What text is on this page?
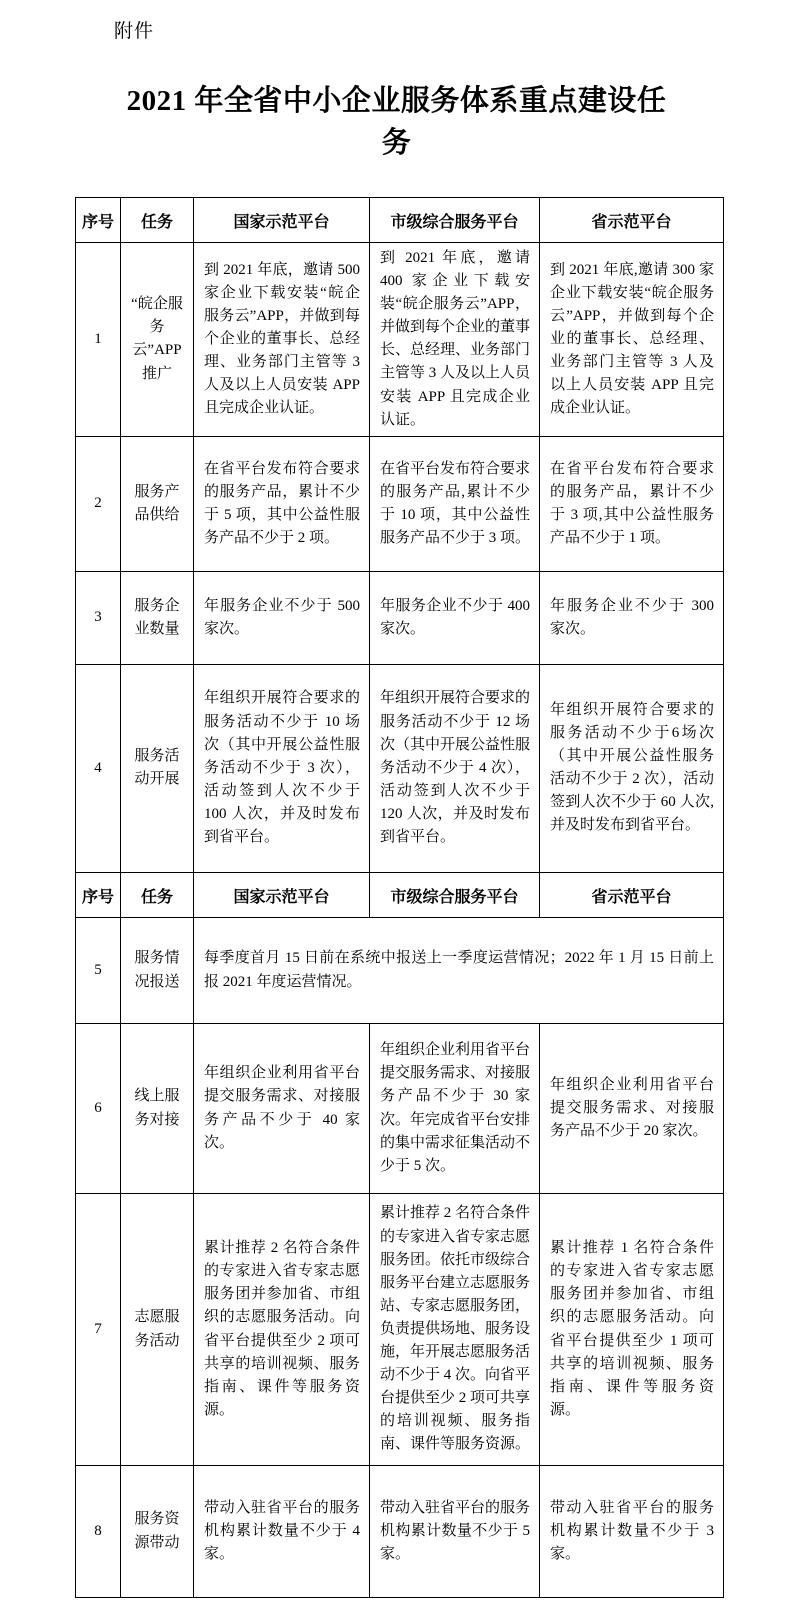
附件
2021 年全省中小企业服务体系重点建设任务
序号	任务	国家示范平台	市级综合服务平台	省示范平台
1	“皖企服务云”APP推广	到 2021 年底，邀请 500 家企业下载安装“皖企服务云”APP，并做到每个企业的董事长、总经理、业务部门主管等 3 人及以上人员安装 APP 且完成企业认证。	到 2021 年底，邀请 400 家企业下载安装“皖企服务云”APP，并做到每个企业的董事长、总经理、业务部门主管等 3 人及以上人员安装 APP 且完成企业认证。	到 2021 年底,邀请 300 家企业下载安装“皖企服务云”APP，并做到每个企业的董事长、总经理、业务部门主管等 3 人及以上人员安装 APP 且完成企业认证。
2	服务产品供给	在省平台发布符合要求的服务产品，累计不少于 5 项，其中公益性服务产品不少于 2 项。	在省平台发布符合要求的服务产品,累计不少于 10 项，其中公益性服务产品不少于 3 项。	在省平台发布符合要求的服务产品，累计不少于 3 项,其中公益性服务产品不少于 1 项。
3	服务企业数量	年服务企业不少于 500 家次。	年服务企业不少于 400 家次。	年服务企业不少于 300 家次。
4	服务活动开展	年组织开展符合要求的服务活动不少于 10 场次（其中开展公益性服务活动不少于 3 次），活动签到人次不少于 100 人次，并及时发布到省平台。	年组织开展符合要求的服务活动不少于 12 场次（其中开展公益性服务活动不少于 4 次），活动签到人次不少于 120 人次，并及时发布到省平台。	年组织开展符合要求的服务活动不少于6场次（其中开展公益性服务活动不少于 2 次），活动签到人次不少于 60 人次,并及时发布到省平台。
序号	任务	国家示范平台	市级综合服务平台	省示范平台
5	服务情况报送	每季度首月 15 日前在系统中报送上一季度运营情况；2022 年 1 月 15 日前上报 2021 年度运营情况。		
6	线上服务对接	年组织企业利用省平台提交服务需求、对接服务产品不少于 40 家次。	年组织企业利用省平台提交服务需求、对接服务产品不少于 30 家次。年完成省平台安排的集中需求征集活动不少于 5 次。	年组织企业利用省平台提交服务需求、对接服务产品不少于 20 家次。
7	志愿服务活动	累计推荐 2 名符合条件的专家进入省专家志愿服务团并参加省、市组织的志愿服务活动。向省平台提供至少 2 项可共享的培训视频、服务指南、课件等服务资源。	累计推荐 2 名符合条件的专家进入省专家志愿服务团。依托市级综合服务平台建立志愿服务站、专家志愿服务团，负责提供场地、服务设施，年开展志愿服务活动不少于 4 次。向省平台提供至少 2 项可共享的培训视频、服务指南、课件等服务资源。	累计推荐 1 名符合条件的专家进入省专家志愿服务团并参加省、市组织的志愿服务活动。向省平台提供至少 1 项可共享的培训视频、服务指南、课件等服务资源。
8	服务资源带动	带动入驻省平台的服务机构累计数量不少于 4 家。	带动入驻省平台的服务机构累计数量不少于 5 家。	带动入驻省平台的服务机构累计数量不少于 3 家。
